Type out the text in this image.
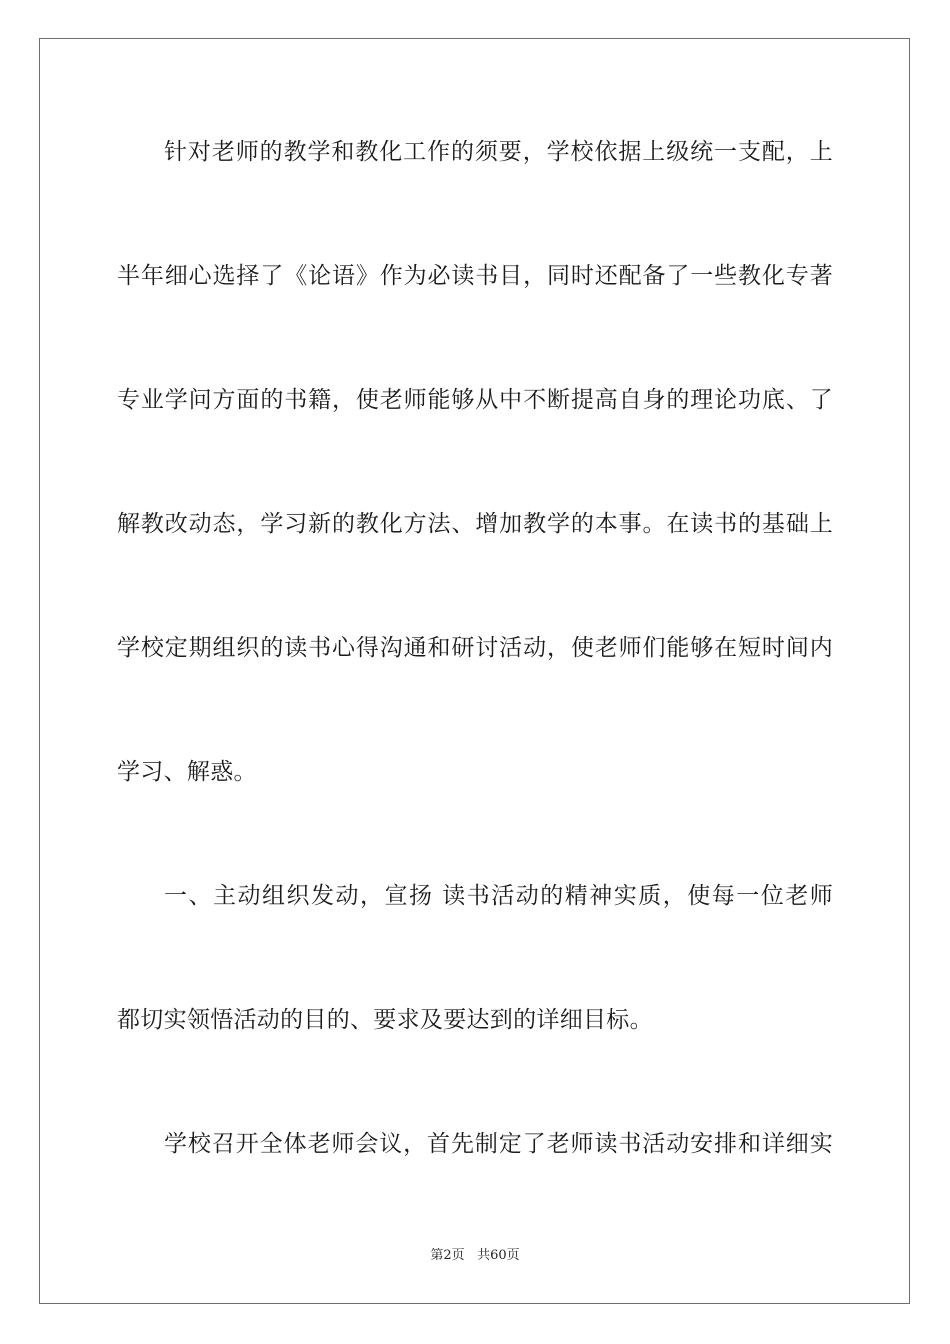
针对老师的教学和教化工作的须要，学校依据上级统一支配，上
半年细心选择了《论语》作为必读书目，同时还配备了一些教化专著
专业学问方面的书籍，使老师能够从中不断提高自身的理论功底、了
解教改动态，学习新的教化方法、增加教学的本事。在读书的基础上
学校定期组织的读书心得沟通和研讨活动，使老师们能够在短时间内
学习、解惑。
一、主动组织发动，宣扬 读书活动的精神实质，使每一位老师
都切实领悟活动的目的、要求及要达到的详细目标。
学校召开全体老师会议，首先制定了老师读书活动安排和详细实
第2页 共60页
